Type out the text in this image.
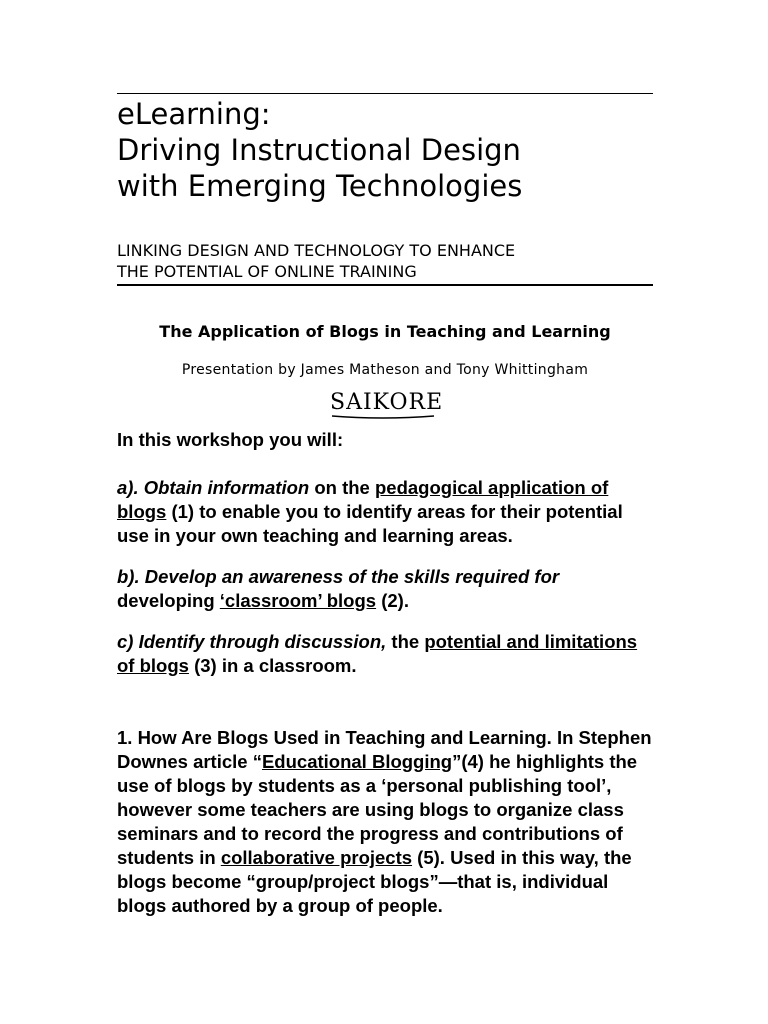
eLearning:
Driving Instructional Design
with Emerging Technologies

LINKING DESIGN AND TECHNOLOGY TO ENHANCE
THE POTENTIAL OF ONLINE TRAINING

The Application of Blogs in Teaching and Learning

Presentation by James Matheson and Tony Whittingham

SAIKORE

In this workshop you will:

a). Obtain information on the pedagogical application of blogs (1) to enable you to identify areas for their potential use in your own teaching and learning areas.

b). Develop an awareness of the skills required for developing ‘classroom’ blogs (2).

c) Identify through discussion, the potential and limitations of blogs (3) in a classroom.

1. How Are Blogs Used in Teaching and Learning. In Stephen Downes article “Educational Blogging”(4) he highlights the use of blogs by students as a ‘personal publishing tool’, however some teachers are using blogs to organize class seminars and to record the progress and contributions of students in collaborative projects (5). Used in this way, the blogs become “group/project blogs”—that is, individual blogs authored by a group of people.
